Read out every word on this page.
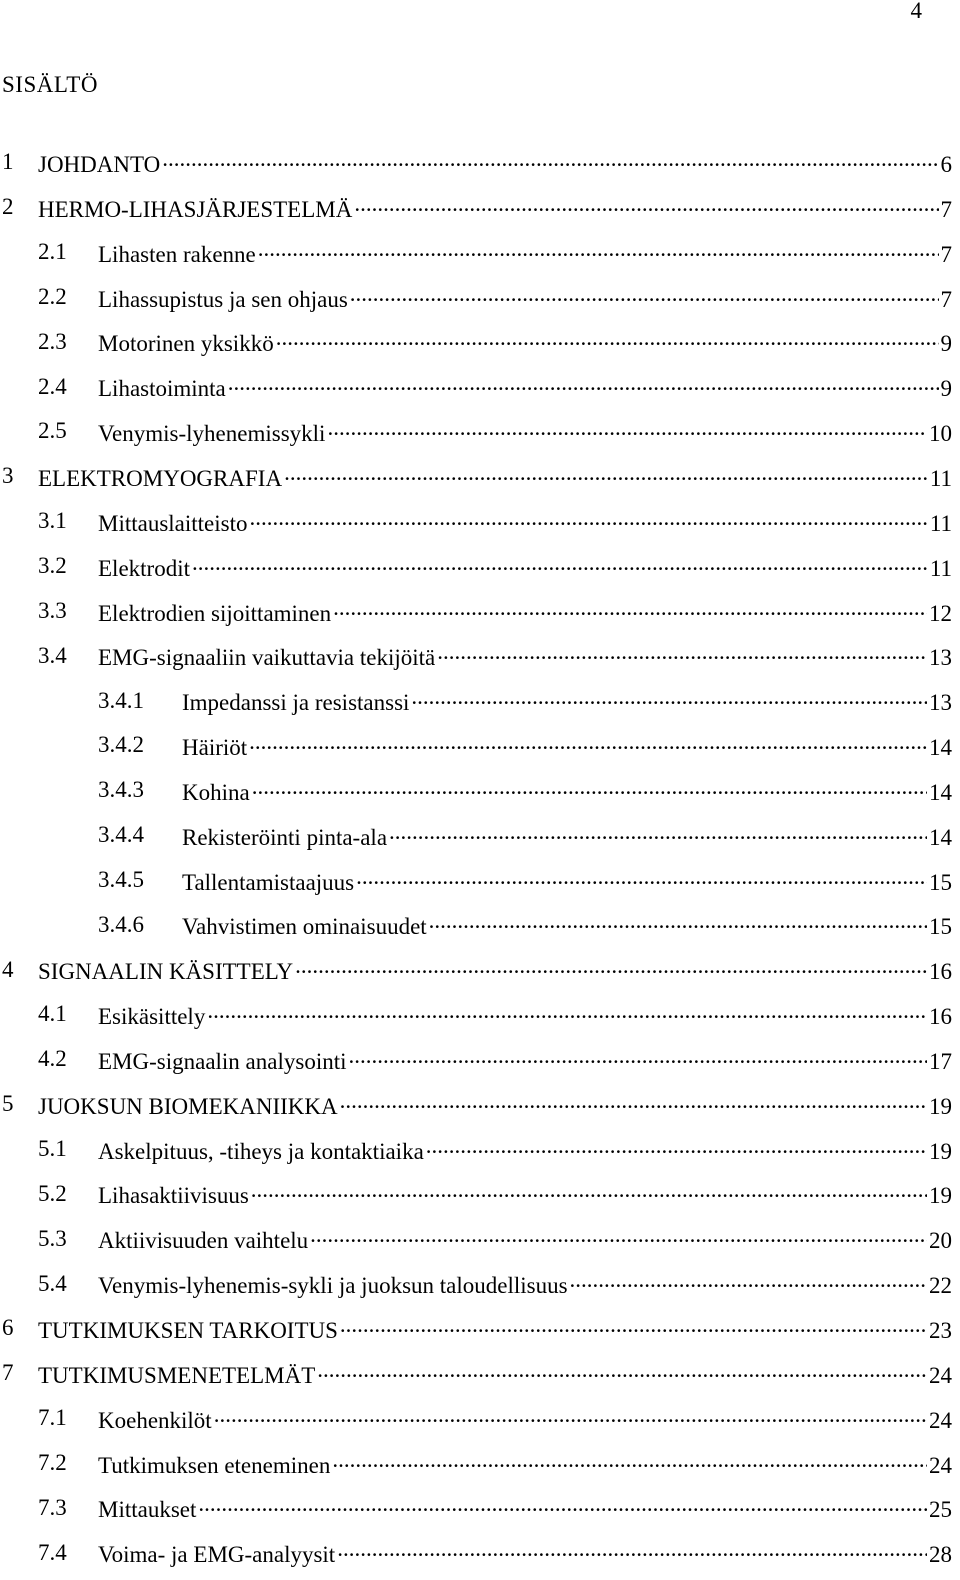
4
SISÄLTÖ
1 JOHDANTO .....	6
2 HERMO-LIHASJÄRJESTELMÄ .....	7
2.1 Lihasten rakenne .....	7
2.2 Lihassupistus ja sen ohjaus .....	7
2.3 Motorinen yksikkö .....	9
2.4 Lihastoiminta .....	9
2.5 Venymis-lyhenemissykli .....	10
3 ELEKTROMYOGRAFIA .....	11
3.1 Mittauslaitteisto .....	11
3.2 Elektrodit .....	11
3.3 Elektrodien sijoittaminen .....	12
3.4 EMG-signaaliin vaikuttavia tekijöitä .....	13
3.4.1 Impedanssi ja resistanssi .....	13
3.4.2 Häiriöt .....	14
3.4.3 Kohina .....	14
3.4.4 Rekisteröinti pinta-ala .....	14
3.4.5 Tallentamistaajuus .....	15
3.4.6 Vahvistimen ominaisuudet .....	15
4 SIGNAALIN KÄSITTELY .....	16
4.1 Esikäsittely .....	16
4.2 EMG-signaalin analysointi .....	17
5 JUOKSUN BIOMEKANIIKKA .....	19
5.1 Askelpituus, -tiheys ja kontaktiaika .....	19
5.2 Lihasaktiivisuus .....	19
5.3 Aktiivisuuden vaihtelu .....	20
5.4 Venymis-lyhenemis-sykli ja juoksun taloudellisuus .....	22
6 TUTKIMUKSEN TARKOITUS .....	23
7 TUTKIMUSMENETELMÄT .....	24
7.1 Koehenkilöt .....	24
7.2 Tutkimuksen eteneminen .....	24
7.3 Mittaukset .....	25
7.4 Voima- ja EMG-analyysit .....	28
